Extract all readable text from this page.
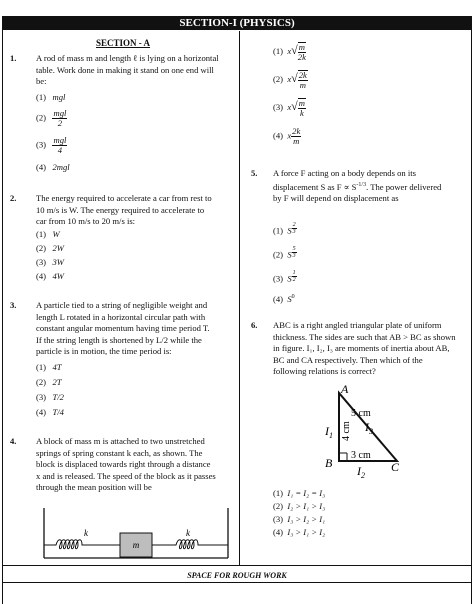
SECTION-I (PHYSICS)
SECTION - A
1. A rod of mass m and length ℓ is lying on a horizontal
table. Work done in making it stand on one end will
be:
(1) mgl
$(2) \frac{\text{mgl}}{2}$
$(3) \frac{\text{mgl}}{4}$
(4) 2mgl
2. The energy required to accelerate a car from rest to
10 m/s is W. The energy required to accelerate to
car from 10 m/s to 20 m/s is:
(1) W
(2) 2W
(3) 3W
(4) 4W
3. A particle tied to a string of negligible weight and
length L rotated in a horizontal circular path with
constant angular momentum having time period T.
If the string length is shortened by L/2 while the
particle is in motion, the time period is:
(1) 4T
(2) 2T
(3) T/2
(4) T/4
4. A block of mass m is attached to two unstretched
springs of spring constant k each, as shown. The
block is displaced towards right through a distance
x and is released. The speed of the block as it passes
through the mean position will be
m
k	k
(1) $x√ \frac{m}{2k}$
(2) $x√ \frac{2k}{m}$
(3) $x√ \frac{m}{k}$
(4) x $\frac{2k}{m}$
5. A force F acting on a body depends on its
displacement S as $F \propto S^{-1/3}$. The power delivered
by F will depend on displacement as
(1) S $^{\frac{2}{3}}$
(2) S $^{\frac{5}{3}}$
(3) S $^{\frac{1}{2}}$
(4) $S^0$
6. ABC is a right angled triangular plate of uniform
thickness. The sides are such that AB > BC as shown
in figure. I₁, I₂, I₃ are moments of inertia about AB,
BC and CA respectively. Then which of the
following relations is correct?
A
B	C
5 cm
4 cm
3 cm
$I_1$
$I_3$
$I_2$
(1) I₁ = I₂ = I₃
(2) I₂ > I₁ > I₃
(3) I₃ > I₂ > I₁
(4) I₃ > I₁ > I₂
SPACE FOR ROUGH WORK
